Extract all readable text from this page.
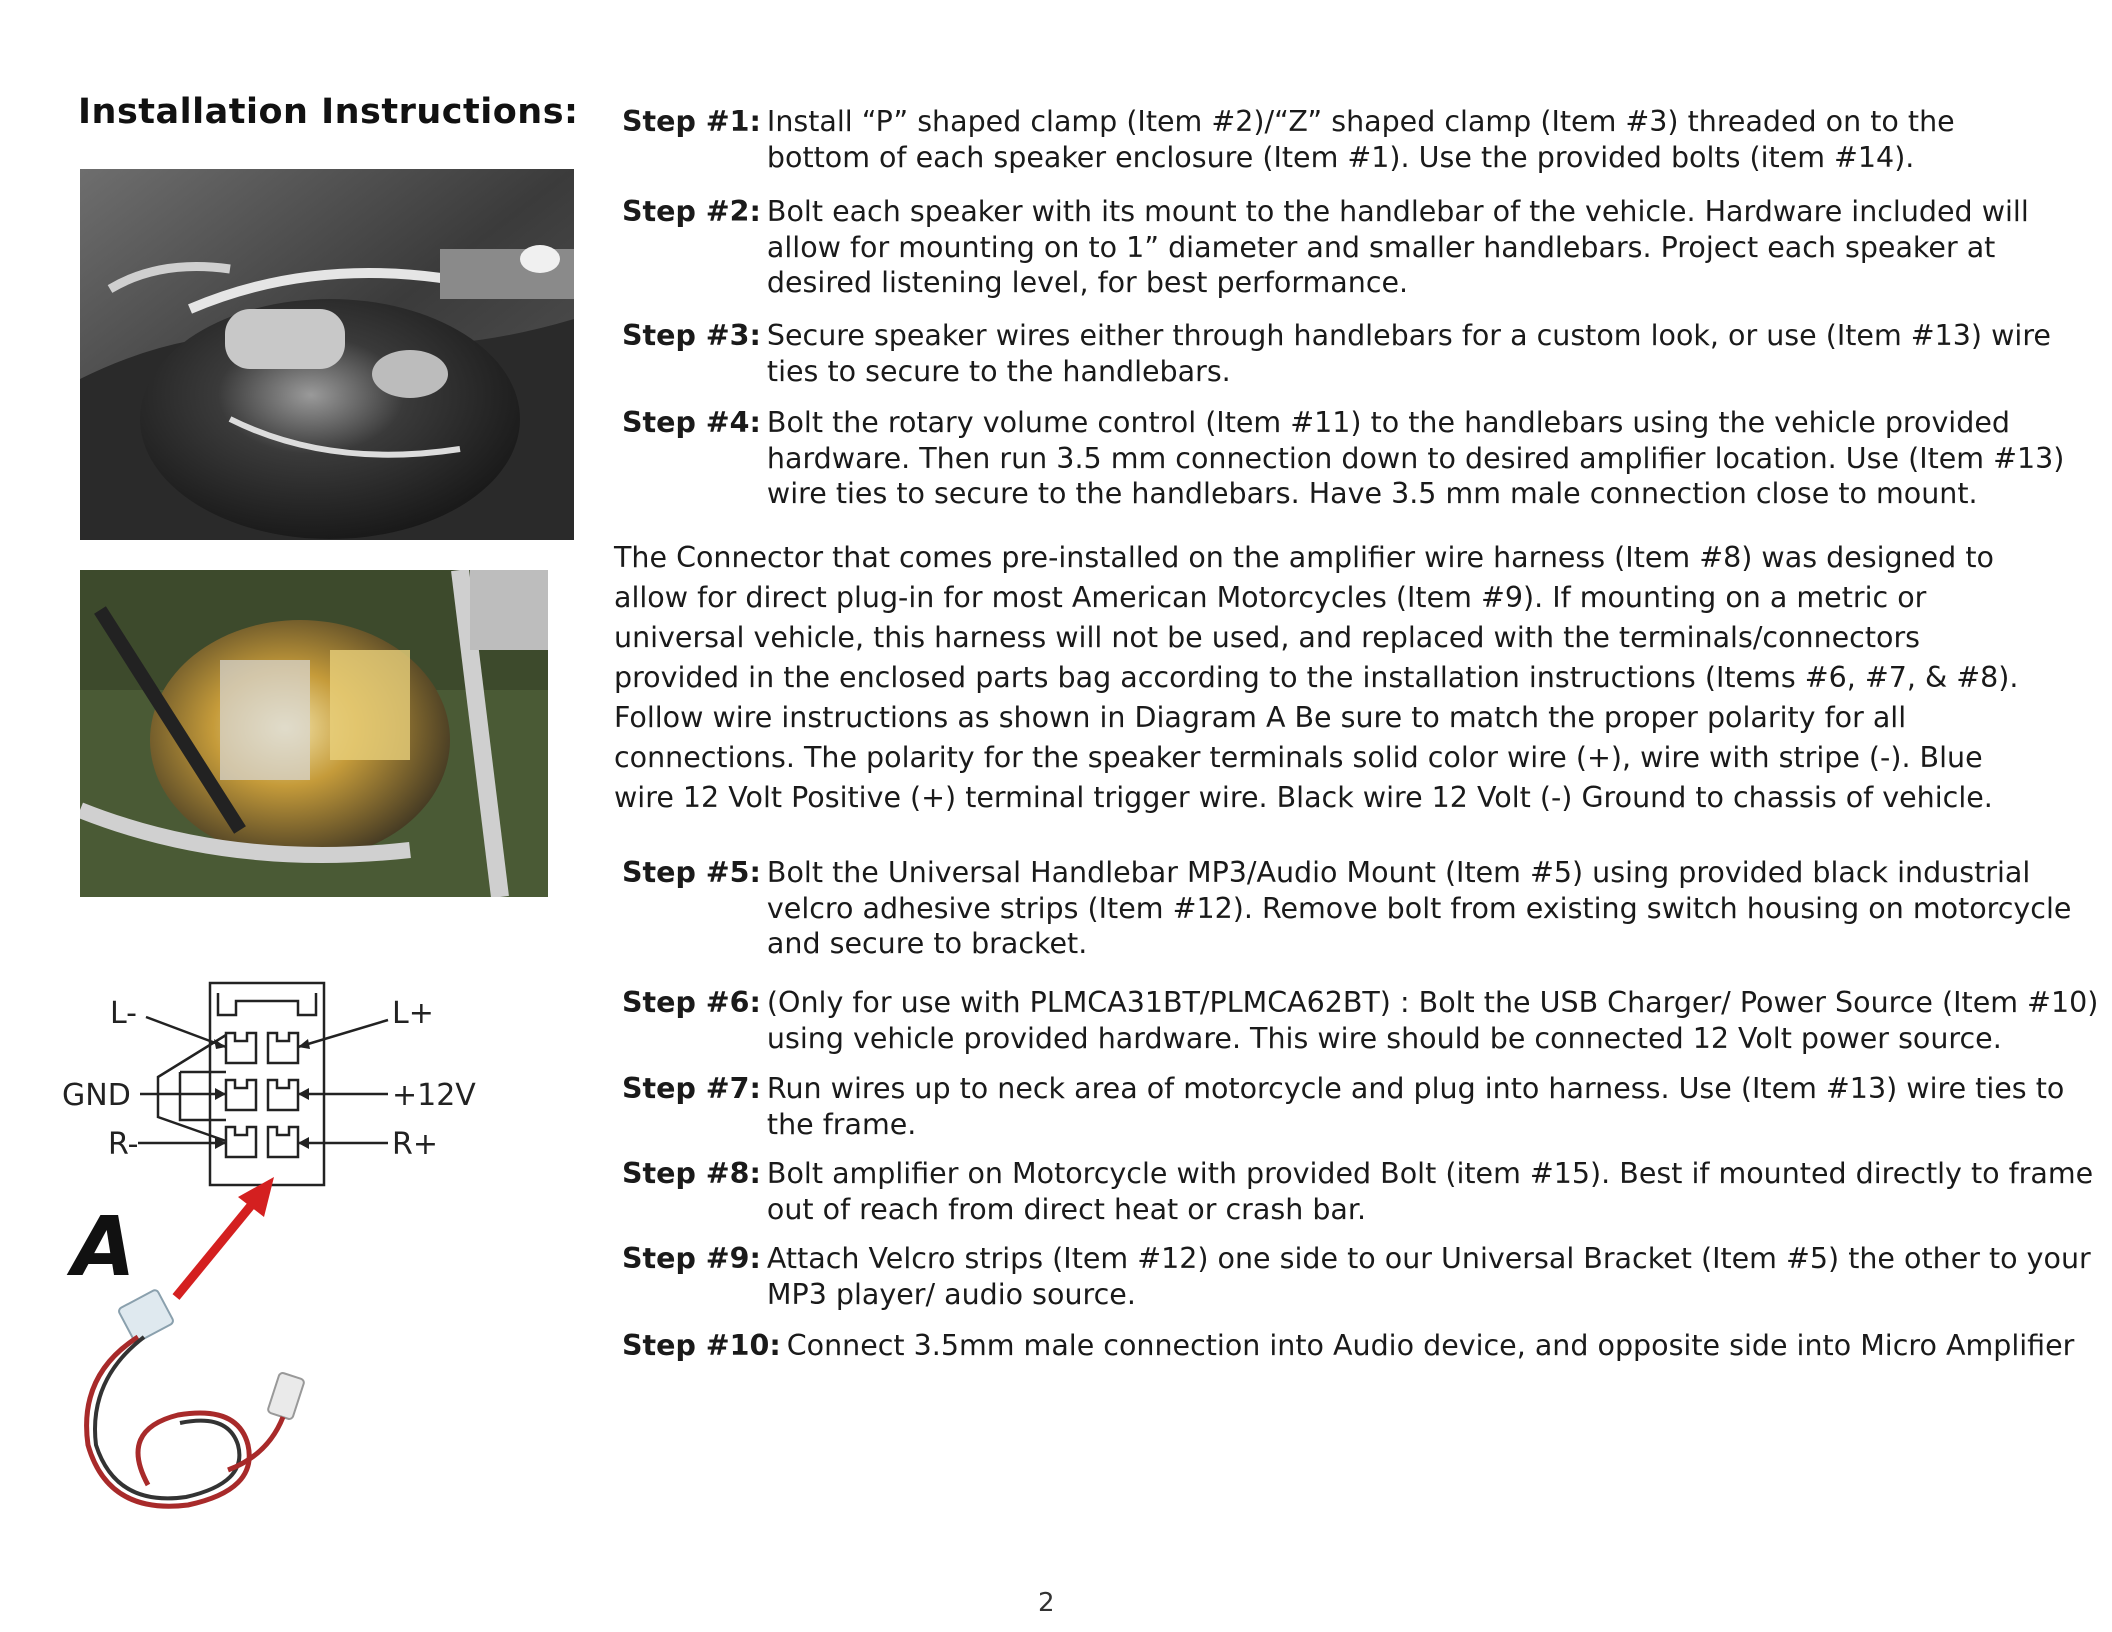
Installation Instructions:
L-	L+
GND	+12V
R-	R+
A
Step #1: Install “P” shaped clamp (Item #2)/“Z” shaped clamp (Item #3) threaded on to the bottom of each speaker enclosure (Item #1). Use the provided bolts (item #14).
Step #2: Bolt each speaker with its mount to the handlebar of the vehicle. Hardware included will allow for mounting on to 1” diameter and smaller handlebars. Project each speaker at desired listening level, for best performance.
Step #3: Secure speaker wires either through handlebars for a custom look, or use (Item #13) wire ties to secure to the handlebars.
Step #4: Bolt the rotary volume control (Item #11) to the handlebars using the vehicle provided hardware. Then run 3.5 mm connection down to desired amplifier location. Use (Item #13) wire ties to secure to the handlebars. Have 3.5 mm male connection close to mount.
The Connector that comes pre-installed on the amplifier wire harness (Item #8) was designed to allow for direct plug-in for most American Motorcycles (Item #9). If mounting on a metric or universal vehicle, this harness will not be used, and replaced with the terminals/connectors provided in the enclosed parts bag according to the installation instructions (Items #6, #7, & #8). Follow wire instructions as shown in Diagram A Be sure to match the proper polarity for all connections. The polarity for the speaker terminals solid color wire (+), wire with stripe (-). Blue wire 12 Volt Positive (+) terminal trigger wire. Black wire 12 Volt (-) Ground to chassis of vehicle.
Step #5: Bolt the Universal Handlebar MP3/Audio Mount (Item #5) using provided black industrial velcro adhesive strips (Item #12). Remove bolt from existing switch housing on motorcycle and secure to bracket.
Step #6: (Only for use with PLMCA31BT/PLMCA62BT) : Bolt the USB Charger/ Power Source (Item #10) using vehicle provided hardware. This wire should be connected 12 Volt power source.
Step #7: Run wires up to neck area of motorcycle and plug into harness. Use (Item #13) wire ties to the frame.
Step #8: Bolt amplifier on Motorcycle with provided Bolt (item #15). Best if mounted directly to frame out of reach from direct heat or crash bar.
Step #9: Attach Velcro strips (Item #12) one side to our Universal Bracket (Item #5) the other to your MP3 player/ audio source.
Step #10: Connect 3.5mm male connection into Audio device, and opposite side into Micro Amplifier
2
